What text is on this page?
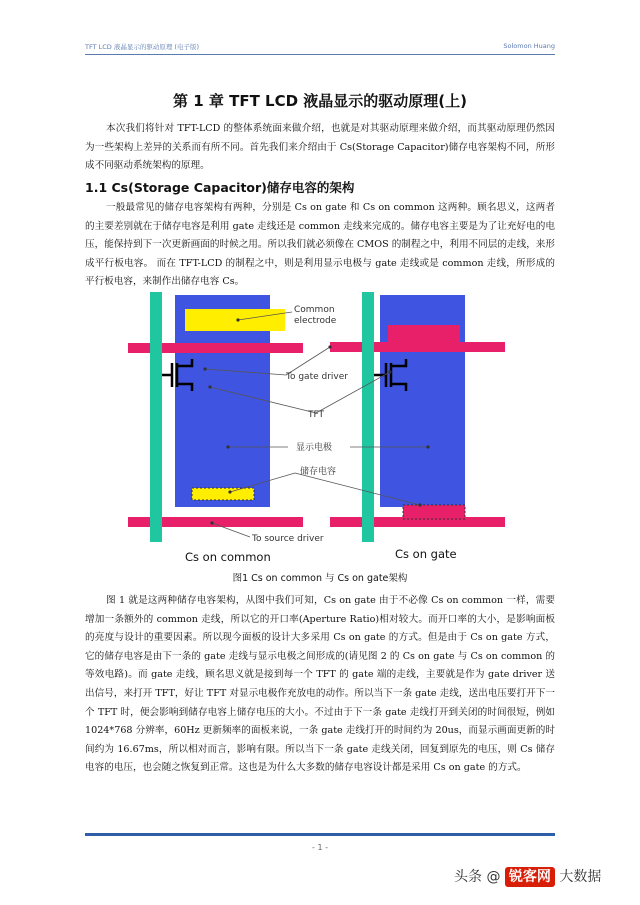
TFT LCD 液晶显示的驱动原理 (电子版)	Solomon Huang
第 1 章 TFT LCD 液晶显示的驱动原理(上)

本次我们将针对 TFT-LCD 的整体系统面来做介绍，也就是对其驱动原理来做介绍，而其驱动原理仍然因为一些架构上差异的关系而有所不同。首先我们来介绍由于 Cs(Storage Capacitor)储存电容架构不同，所形成不同驱动系统架构的原理。

1.1 Cs(Storage Capacitor)储存电容的架构

一般最常见的储存电容架构有两种，分别是 Cs on gate 和 Cs on common 这两种。顾名思义，这两者的主要差别就在于储存电容是利用 gate 走线还是 common 走线来完成的。储存电容主要是为了让充好电的电压，能保持到下一次更新画面的时候之用。所以我们就必须像在 CMOS 的制程之中，利用不同层的走线，来形成平行板电容。 而在 TFT-LCD 的制程之中，则是利用显示电极与 gate 走线或是 common 走线，所形成的平行板电容，来制作出储存电容 Cs。

Common
electrode
To gate driver
TFT
显示电极
储存电容
To source driver
Cs on common	Cs on gate
图1 Cs on common 与 Cs on gate架构

图 1 就是这两种储存电容架构，从图中我们可知，Cs on gate 由于不必像 Cs on common 一样，需要增加一条额外的 common 走线，所以它的开口率(Aperture Ratio)相对较大。而开口率的大小，是影响面板的亮度与设计的重要因素。所以现今面板的设计大多采用 Cs on gate 的方式。但是由于 Cs on gate 方式，它的储存电容是由下一条的 gate 走线与显示电极之间形成的(请见图 2 的 Cs on gate 与 Cs on common 的等效电路)。而 gate 走线，顾名思义就是接到每一个 TFT 的 gate 端的走线，主要就是作为 gate driver 送出信号，来打开 TFT，好让 TFT 对显示电极作充放电的动作。所以当下一条 gate 走线，送出电压要打开下一个 TFT 时，便会影响到储存电容上储存电压的大小。不过由于下一条 gate 走线打开到关闭的时间很短，例如 1024*768 分辨率，60Hz 更新频率的面板来说，一条 gate 走线打开的时间约为 20us，而显示画面更新的时间约为 16.67ms，所以相对而言，影响有限。所以当下一条 gate 走线关闭，回复到原先的电压，则 Cs 储存电容的电压，也会随之恢复到正常。这也是为什么大多数的储存电容设计都是采用 Cs on gate 的方式。

- 1 -
头条 @ 锐客网 大数据
